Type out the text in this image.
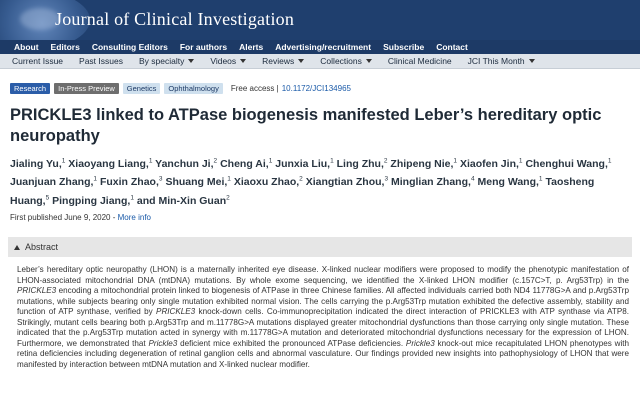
Journal of Clinical Investigation
About Editors Consulting Editors For authors Alerts Advertising/recruitment Subscribe Contact
Current Issue Past Issues By specialty	Videos	Reviews	Collections	Clinical Medicine JCI This Month
Research	In-Press Preview	Genetics	Ophthalmology	Free access | 10.1172/JCI134965
PRICKLE3 linked to ATPase biogenesis manifested Leber’s hereditary optic neuropathy
Jialing Yu,$^1$ Xiaoyang Liang,$^1$ Yanchun Ji,$^2$ Cheng Ai,$^1$ Junxia Liu,$^1$ Ling Zhu,$^2$ Zhipeng Nie,$^1$ Xiaofen Jin,$^1$ Chenghui Wang,$^1$ Juanjuan Zhang,$^1$ Fuxin Zhao,$^3$ Shuang Mei,$^1$ Xiaoxu Zhao,$^2$ Xiangtian Zhou,$^3$ Minglian Zhang,$^4$ Meng Wang,$^1$ Taosheng Huang,$^5$ Pingping Jiang,$^1$ and Min-Xin Guan$^2$
First published June 9, 2020 - More info
Abstract
Leber’s hereditary optic neuropathy (LHON) is a maternally inherited eye disease. X-linked nuclear modifiers were proposed to modify the phenotypic manifestation of LHON-associated mitochondrial DNA (mtDNA) mutations. By whole exome sequencing, we identified the X-linked LHON modifier (c.157C>T, p. Arg53Trp) in the PRICKLE3 encoding a mitochondrial protein linked to biogenesis of ATPase in three Chinese families. All affected individuals carried both ND4 11778G>A and p.Arg53Trp mutations, while subjects bearing only single mutation exhibited normal vision. The cells carrying the p.Arg53Trp mutation exhibited the defective assembly, stability and function of ATP synthase, verified by PRICKLE3 knock-down cells. Co-immunoprecipitation indicated the direct interaction of PRICKLE3 with ATP synthase via ATP8. Strikingly, mutant cells bearing both p.Arg53Trp and m.11778G>A mutations displayed greater mitochondrial dysfunctions than those carrying only single mutation. These indicated that the p.Arg53Trp mutation acted in synergy with m.11778G>A mutation and deteriorated mitochondrial dysfunctions necessary for the expression of LHON. Furthermore, we demonstrated that Prickle3 deficient mice exhibited the pronounced ATPase deficiencies. Prickle3 knock-out mice recapitulated LHON phenotypes with retina deficiencies including degeneration of retinal ganglion cells and abnormal vasculature. Our findings provided new insights into pathophysiology of LHON that were manifested by interaction between mtDNA mutation and X-linked nuclear modifier.
